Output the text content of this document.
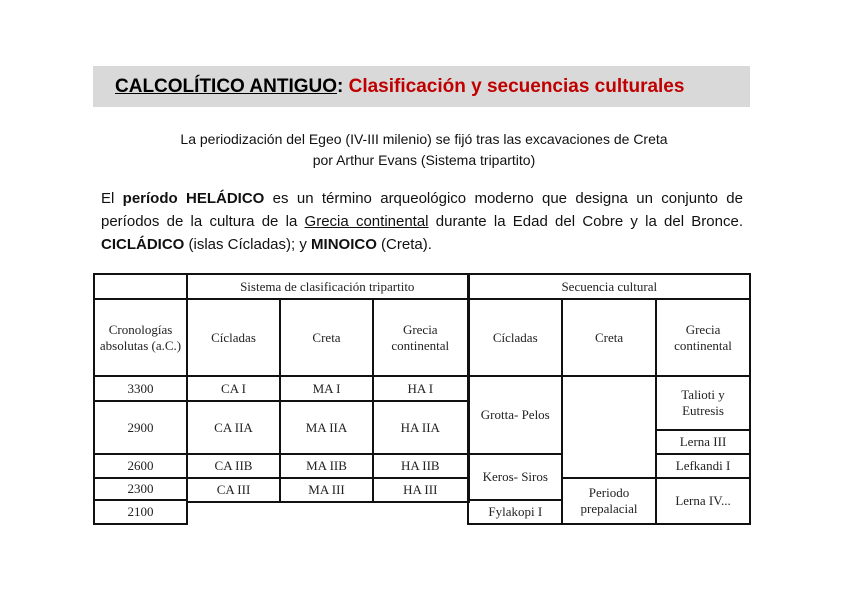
CALCOLÍTICO ANTIGUO: Clasificación y secuencias culturales
La periodización del Egeo (IV-III milenio) se fijó tras las excavaciones de Creta
por Arthur Evans (Sistema tripartito)
El período HELÁDICO es un término arqueológico moderno que designa un conjunto de períodos de la cultura de la Grecia continental durante la Edad del Cobre y la del Bronce. CICLÁDICO (islas Cícladas); y MINOICO (Creta).
	Sistema de clasificación tripartito			Secuencia cultural		
Cronologías absolutas (a.C.)	Cícladas	Creta	Grecia continental	Cícladas	Creta	Grecia continental
3300	CA I	MA I	HA I	Grotta- Pelos		Talioti y Eutresis
2900	CA IIA	MA IIA	HA IIA			
						Lerna III
2600	CA IIB	MA IIB	HA IIB	Keros- Siros		Lefkandi I
2300	CA III	MA III	HA III		Periodo prepalacial	Lerna IV...
2100				Fylakopi I		
